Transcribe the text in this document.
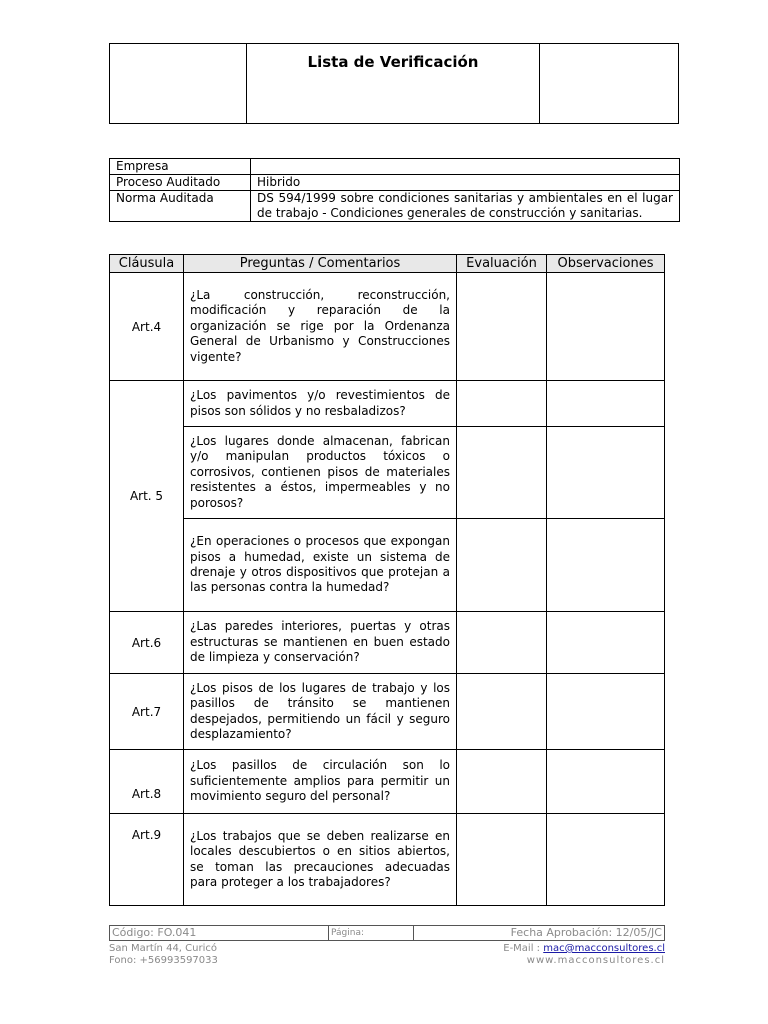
	Lista de Verificación	
Empresa	
Proceso Auditado	Hibrido
Norma Auditada	DS 594/1999 sobre condiciones sanitarias y ambientales en el lugar de trabajo - Condiciones generales de construcción y sanitarias.
Cláusula	Preguntas / Comentarios	Evaluación	Observaciones
Art.4	¿La construcción, reconstrucción, modificación y reparación de la organización se rige por la Ordenanza General de Urbanismo y Construcciones vigente?		
Art. 5	¿Los pavimentos y/o revestimientos de pisos son sólidos y no resbaladizos?		
	¿Los lugares donde almacenan, fabrican y/o manipulan productos tóxicos o corrosivos, contienen pisos de materiales resistentes a éstos, impermeables y no porosos?		
	¿En operaciones o procesos que expongan pisos a humedad, existe un sistema de drenaje y otros dispositivos que protejan a las personas contra la humedad?		
Art.6	¿Las paredes interiores, puertas y otras estructuras se mantienen en buen estado de limpieza y conservación?		
Art.7	¿Los pisos de los lugares de trabajo y los pasillos de tránsito se mantienen despejados, permitiendo un fácil y seguro desplazamiento?		
Art.8	¿Los pasillos de circulación son lo suficientemente amplios para permitir un movimiento seguro del personal?		
Art.9	¿Los trabajos que se deben realizarse en locales descubiertos o en sitios abiertos, se toman las precauciones adecuadas para proteger a los trabajadores?		
Código: FO.041	Página:	Fecha Aprobación: 12/05/JC
San Martín 44, Curicó
Fono: +56993597033
E-Mail : mac@macconsultores.cl
www.macconsultores.cl
